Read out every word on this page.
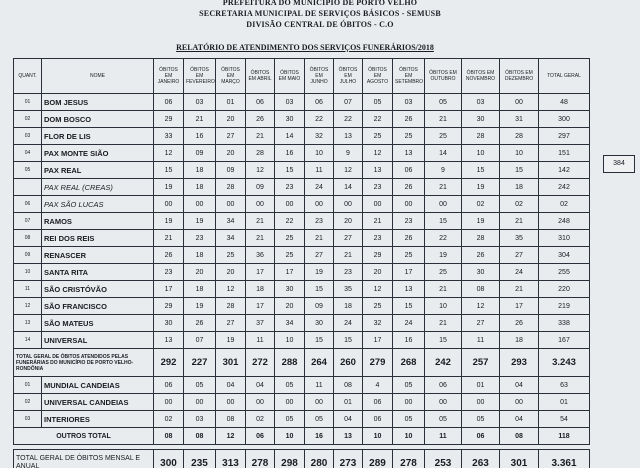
PREFEITURA DO MUNICIPIO DE PORTO VELHO
SECRETARIA MUNICIPAL DE SERVIÇOS BÁSICOS - SEMUSB
DIVISÃO CENTRAL DE ÓBITOS - C.O
RELATÓRIO DE ATENDIMENTO DOS SERVIÇOS FUNERÁRIOS/2018
QUANT.	NOME	ÓBITOS EM JANEIRO	ÓBITOS EM FEVEREIRO	ÓBITOS EM MARÇO	ÓBITOS EM ABRIL	ÓBITOS EM MAIO	ÓBITOS EM JUNHO	ÓBITOS EM JULHO	ÓBITOS EM AGOSTO	ÓBITOS EM SETEMBRO	ÓBITOS EM OUTUBRO	ÓBITOS EM NOVEMBRO	ÓBITOS EM DEZEMBRO	TOTAL GERAL
01	BOM JESUS	06	03	01	06	03	06	07	05	03	05	03	00	48
02	DOM BOSCO	29	21	20	26	30	22	22	22	26	21	30	31	300
03	FLOR DE LIS	33	16	27	21	14	32	13	25	25	25	28	28	297
04	PAX MONTE SIÃO	12	09	20	28	16	10	9	12	13	14	10	10	151
05	PAX REAL	15	18	09	12	15	11	12	13	06	9	15	15	142
	PAX REAL (CREAS)	19	18	28	09	23	24	14	23	26	21	19	18	242
06	PAX SÃO LUCAS	00	00	00	00	00	00	00	00	00	00	02	02	02
07	RAMOS	19	19	34	21	22	23	20	21	23	15	19	21	248
08	REI DOS REIS	21	23	34	21	25	21	27	23	26	22	28	35	310
09	RENASCER	26	18	25	36	25	27	21	29	25	19	26	27	304
10	SANTA RITA	23	20	20	17	17	19	23	20	17	25	30	24	255
11	SÃO CRISTÓVÃO	17	18	12	18	30	15	35	12	13	21	08	21	220
12	SÃO FRANCISCO	29	19	28	17	20	09	18	25	15	10	12	17	219
13	SÃO MATEUS	30	26	27	37	34	30	24	32	24	21	27	26	338
14	UNIVERSAL	13	07	19	11	10	15	15	17	16	15	11	18	167
TOTAL GERAL DE ÓBITOS ATENDIDOS PELAS FUNERÁRIAS DO MUNICÍPIO DE PORTO VELHO-RONDÔNIA		292	227	301	272	288	264	260	279	268	242	257	293	3.243
01	MUNDIAL CANDEIAS	06	05	04	04	05	11	08	4	05	06	01	04	63
02	UNIVERSAL CANDEIAS	00	00	00	00	00	00	01	06	00	00	00	00	01
03	INTERIORES	02	03	08	02	05	05	04	06	05	05	05	04	54
OUTROS TOTAL		08	08	12	06	10	16	13	10	10	11	06	08	118

TOTAL GERAL DE ÓBITOS MENSAL E ANUAL		300	235	313	278	298	280	273	289	278	253	263	301	3.361
384
